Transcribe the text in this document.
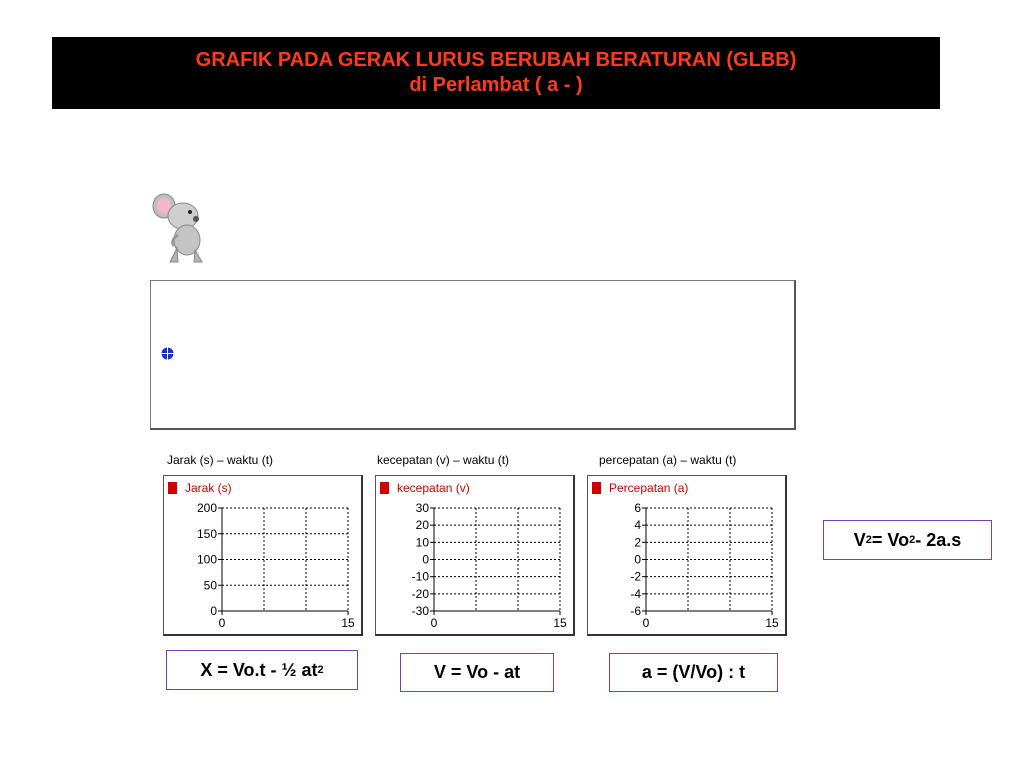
GRAFIK PADA GERAK LURUS BERUBAH BERATURAN (GLBB)
di Perlambat ( a - )
Jarak (s) – waktu (t)	kecepatan (v) – waktu (t)	percepatan (a) – waktu (t)
Jarak (s)
200
150
100
50
0
0	15
kecepatan (v)
30
20
10
0
-10
-20
-30
0	15
Percepatan (a)
6
4
2
0
-2
-4
-6
0	15
X = Vo.t - ½ at 2	V = Vo - at	a = (V/Vo) : t
V 2 = Vo 2 - 2a.s
